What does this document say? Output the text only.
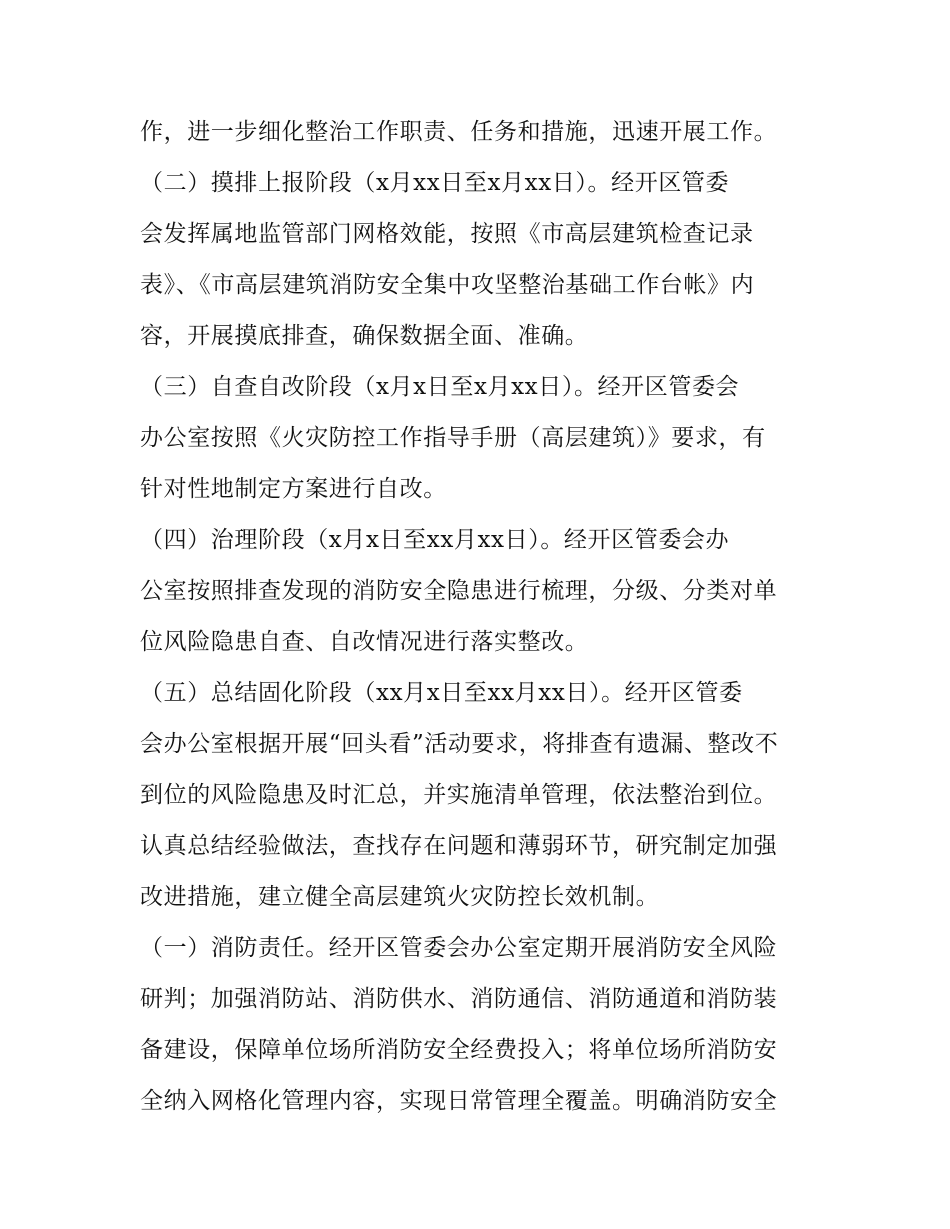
作，进一步细化整治工作职责、任务和措施，迅速开展工作。
（二）摸排上报阶段（x月xx日至x月xx日）。经开区管委
会发挥属地监管部门网格效能，按照《市高层建筑检查记录
表》、《市高层建筑消防安全集中攻坚整治基础工作台帐》内
容，开展摸底排查，确保数据全面、准确。
（三）自查自改阶段（x月x日至x月xx日）。经开区管委会
办公室按照《火灾防控工作指导手册（高层建筑）》要求，有
针对性地制定方案进行自改。
（四）治理阶段（x月x日至xx月xx日）。经开区管委会办
公室按照排查发现的消防安全隐患进行梳理，分级、分类对单
位风险隐患自查、自改情况进行落实整改。
（五）总结固化阶段（xx月x日至xx月xx日）。经开区管委
会办公室根据开展“回头看”活动要求，将排查有遗漏、整改不
到位的风险隐患及时汇总，并实施清单管理，依法整治到位。
认真总结经验做法，查找存在问题和薄弱环节，研究制定加强
改进措施，建立健全高层建筑火灾防控长效机制。
（一）消防责任。经开区管委会办公室定期开展消防安全风险
研判；加强消防站、消防供水、消防通信、消防通道和消防装
备建设，保障单位场所消防安全经费投入；将单位场所消防安
全纳入网格化管理内容，实现日常管理全覆盖。明确消防安全
